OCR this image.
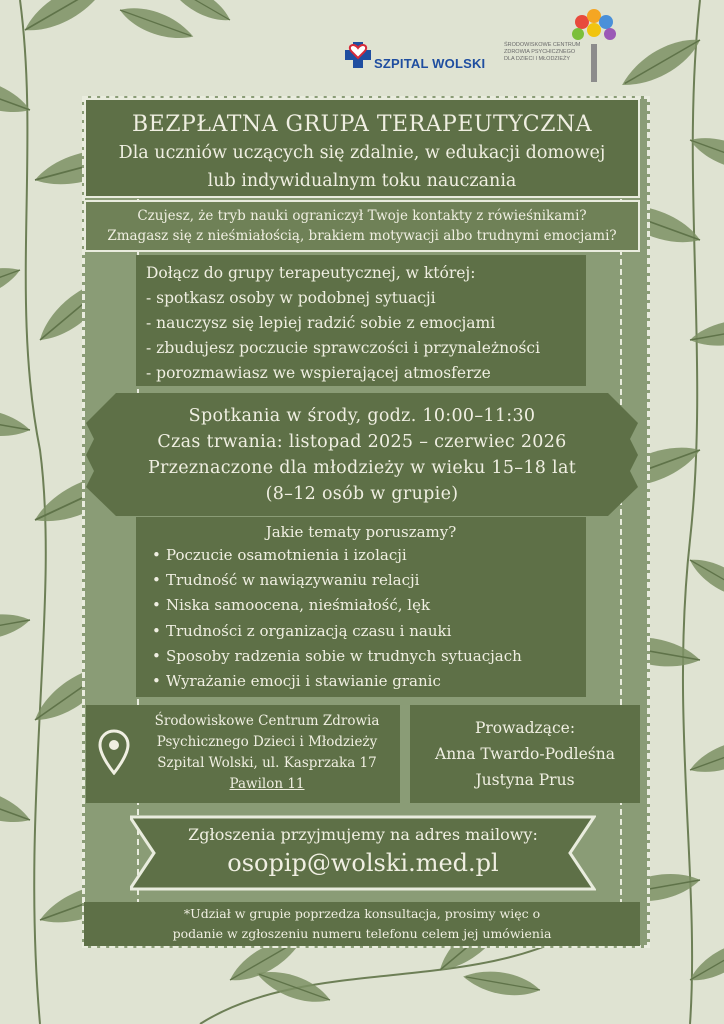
SZPITAL WOLSKI
ŚRODOWISKOWE CENTRUM ZDROWIA PSYCHICZNEGO DLA DZIECI I MŁODZIEŻY
BEZPŁATNA GRUPA TERAPEUTYCZNA
Dla uczniów uczących się zdalnie, w edukacji domowej
lub indywidualnym toku nauczania
Czujesz, że tryb nauki ograniczył Twoje kontakty z rówieśnikami?
Zmagasz się z nieśmiałością, brakiem motywacji albo trudnymi emocjami?
Dołącz do grupy terapeutycznej, w której:
- spotkasz osoby w podobnej sytuacji
- nauczysz się lepiej radzić sobie z emocjami
- zbudujesz poczucie sprawczości i przynależności
- porozmawiasz we wspierającej atmosferze
Spotkania w środy, godz. 10:00–11:30
Czas trwania: listopad 2025 – czerwiec 2026
Przeznaczone dla młodzieży w wieku 15–18 lat
(8–12 osób w grupie)
Jakie tematy poruszamy?
• Poczucie osamotnienia i izolacji
• Trudność w nawiązywaniu relacji
• Niska samoocena, nieśmiałość, lęk
• Trudności z organizacją czasu i nauki
• Sposoby radzenia sobie w trudnych sytuacjach
• Wyrażanie emocji i stawianie granic
Środowiskowe Centrum Zdrowia
Psychicznego Dzieci i Młodzieży
Szpital Wolski, ul. Kasprzaka 17
Pawilon 11
Prowadzące:
Anna Twardo-Podleśna
Justyna Prus
Zgłoszenia przyjmujemy na adres mailowy:
osopip@wolski.med.pl
*Udział w grupie poprzedza konsultacja, prosimy więc o
podanie w zgłoszeniu numeru telefonu celem jej umówienia
